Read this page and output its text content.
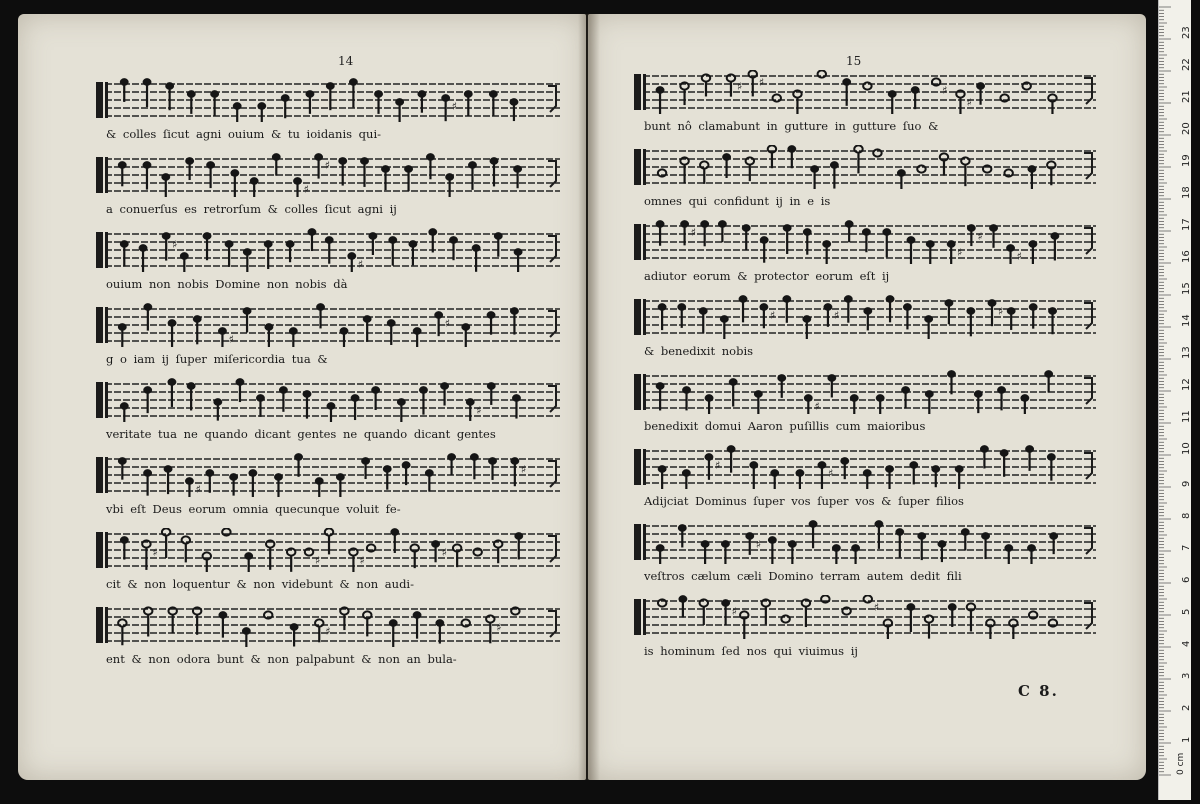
14
♯
& colles ſicut agni ouium & tu ioidanis qui-
♯
♯
a conuerſus es retrorſum & colles ſicut agni ij
♯
♯
ouium non nobis Domine non nobis dà
♯
♯
g o iam ij ſuper miſericordia tua &
♯
veritate tua ne quando dicant gentes ne quando dicant gentes
♯
♯
vbi eſt Deus eorum omnia quecunque voluit fe-
♯
♯	♯
♯
cit & non loquentur & non videbunt & non audi-
♯	♯
ent & non odora bunt & non palpabunt & non an bula-
15
♯ ♯
♯
♯
bunt nô clamabunt in gutture in gutture ſuo &
omnes qui confidunt ij in e is
♯
♯
♯
♯
adiutor eorum & protector eorum eſt ij
♯	♯	♯
& benedixit nobis
♯
benedixit domui Aaron puſillis cum maioribus
♯
♯
Adijciat Dominus ſuper vos ſuper vos & ſuper filios
♯
veſtros cælum cæli Domino terram autem dedit fili
♯	♯
is hominum ſed nos qui viuimus ij
C 8.
0 cm
1
2
3
4
5
6
7
8
9
10
11
12
13
14
15
16
17
18
19
20
21
22
23
